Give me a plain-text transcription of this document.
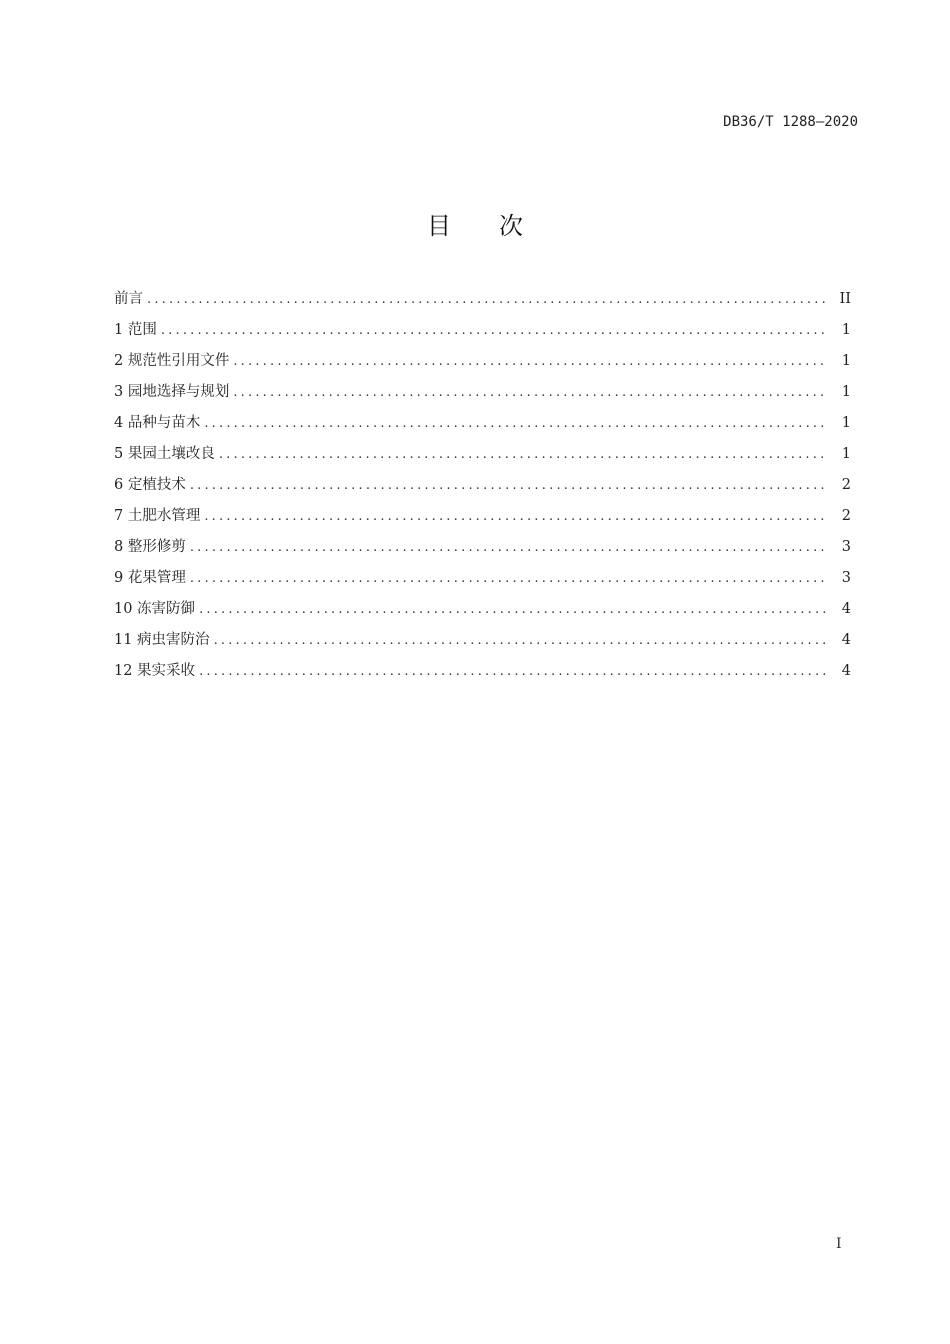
DB36/T 1288—2020
目次
前言 .....	II
1 范围 .....	1
2 规范性引用文件 .....	1
3 园地选择与规划 .....	1
4 品种与苗木 .....	1
5 果园土壤改良 .....	1
6 定植技术 .....	2
7 土肥水管理 .....	2
8 整形修剪 .....	3
9 花果管理 .....	3
10 冻害防御 .....	4
11 病虫害防治 .....	4
12 果实采收 .....	4
I
